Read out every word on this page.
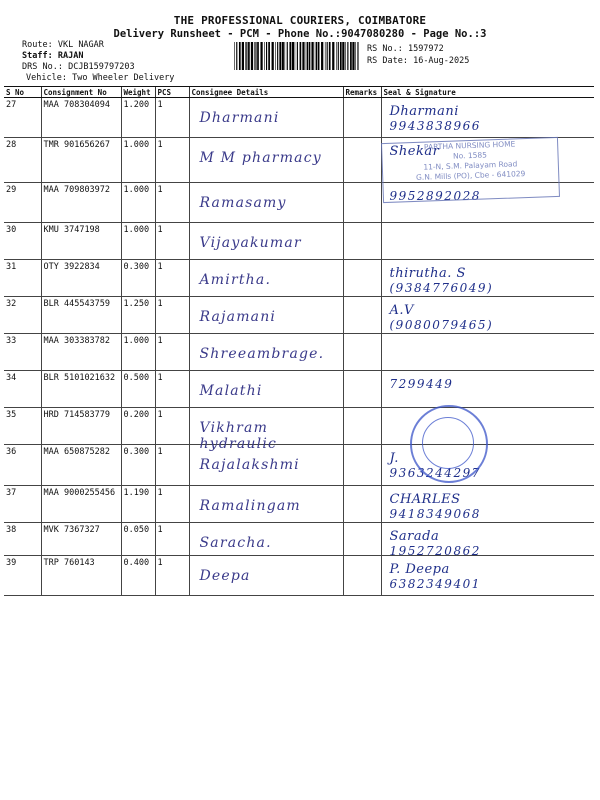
THE PROFESSIONAL COURIERS, COIMBATORE
Delivery Runsheet - PCM - Phone No.:9047080280 - Page No.:3
Route: VKL NAGAR
Staff: RAJAN
DRS No.: DCJB159797203
Vehicle: Two Wheeler Delivery
RS No.: 1597972
RS Date: 16-Aug-2025
S No	Consignment No	Weight	PCS	Consignee Details	Remarks	Seal & Signature
27	MAA 708304094	1.200	1	Dharmani		Dharmani
9943838966

28	TMR 901656267	1.000	1	M M pharmacy		Shekar

29	MAA 709803972	1.000	1	Ramasamy		9952892028

30	KMU 3747198	1.000	1	Vijayakumar		

31	OTY 3922834	0.300	1	Amirtha.		thirutha. S
(9384776049)

32	BLR 445543759	1.250	1	Rajamani		A.V
(9080079465)

33	MAA 303383782	1.000	1	Shreeambrage.		

34	BLR 5101021632	0.500	1	Malathi		7299449

35	HRD 714583779	0.200	1	Vikhram hydraulic		

36	MAA 650875282	0.300	1	Rajalakshmi		J.
9363244297

37	MAA 9000255456	1.190	1	Ramalingam		CHARLES
9418349068

38	MVK 7367327	0.050	1	Saracha.		Sarada
1952720862

39	TRP 760143	0.400	1	Deepa		P. Deepa
6382349401
PARTHA NURSING HOME
No. 1585
11-N, S.M. Palayam Road
G.N. Mills (PO), Cbe - 641029
